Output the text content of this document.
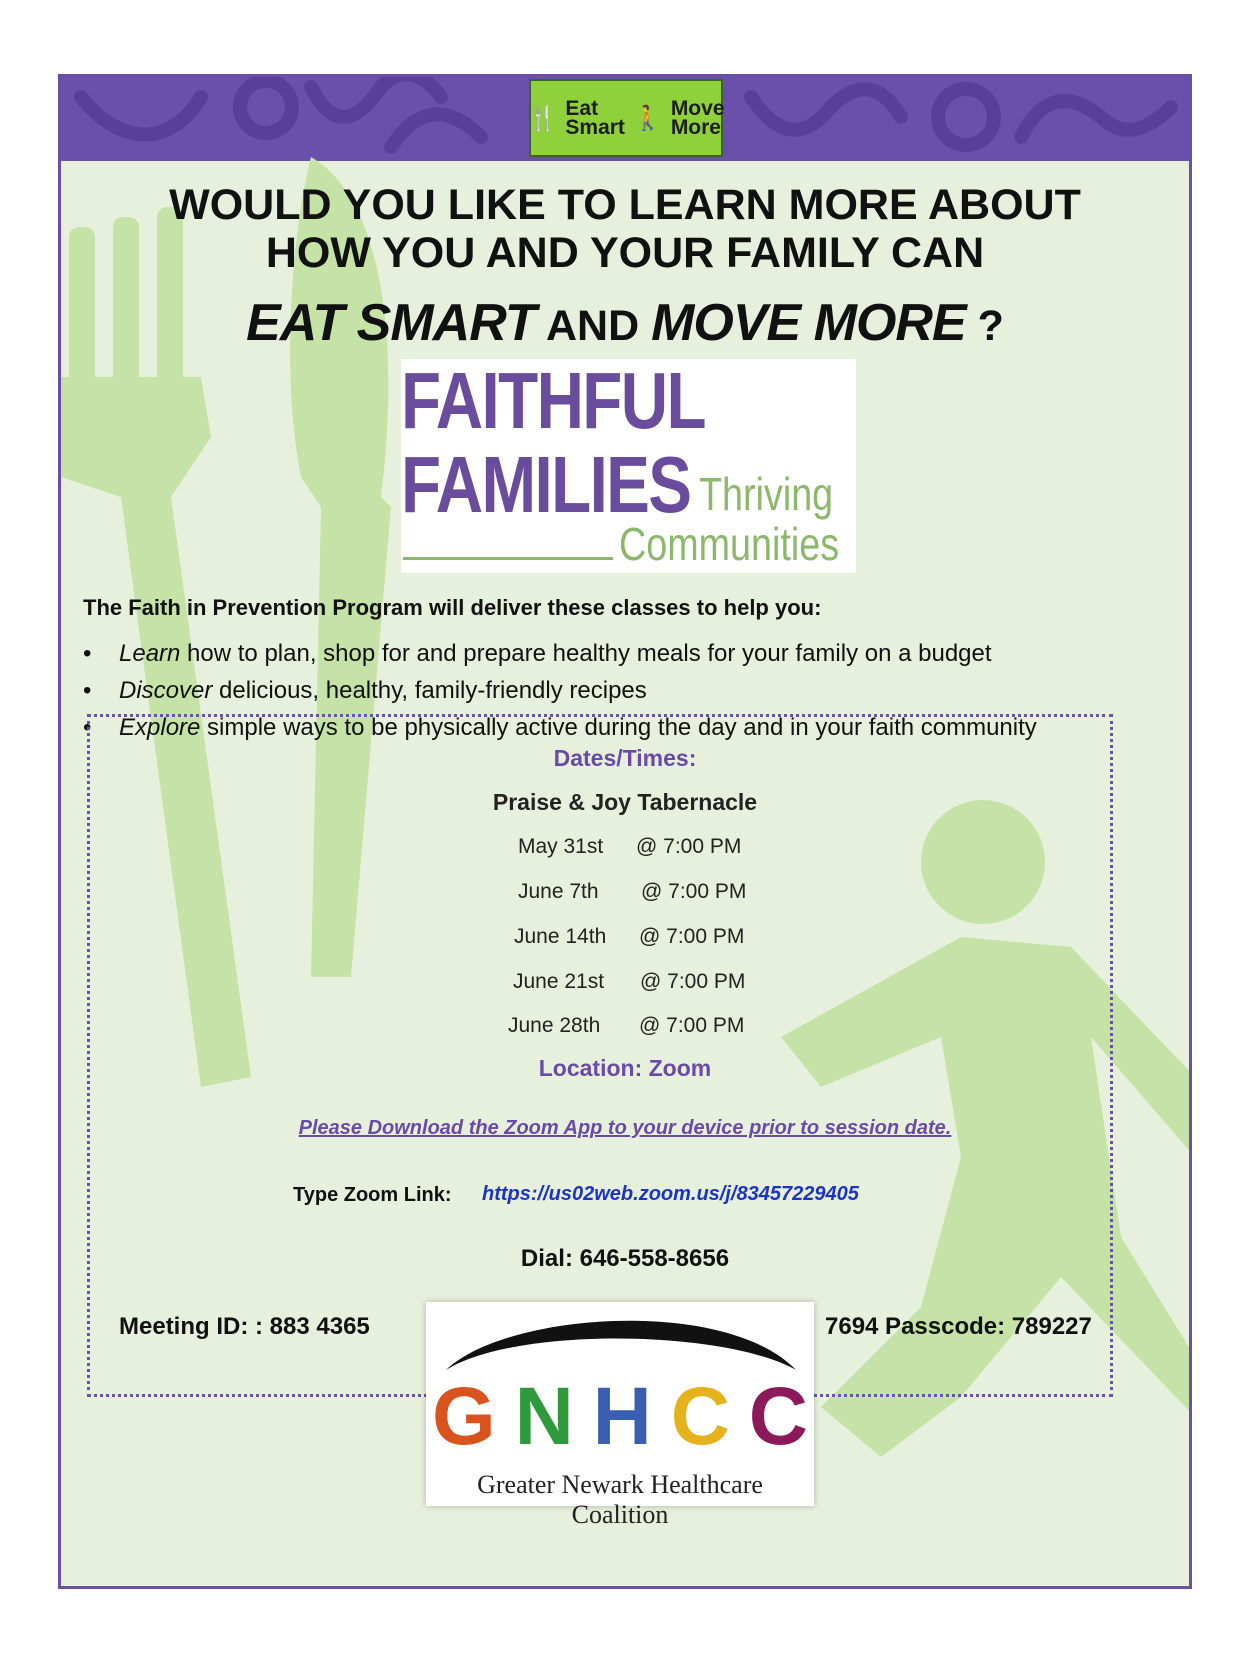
🍴 Eat
Smart 🚶 Move
More
WOULD YOU LIKE TO LEARN MORE ABOUT
HOW YOU AND YOUR FAMILY CAN
EAT SMART AND MOVE MORE ?
FAITHFUL
FAMILIES Thriving
Communities
The Faith in Prevention Program will deliver these classes to help you:
• Learn how to plan, shop for and prepare healthy meals for your family on a budget
• Discover delicious, healthy, family-friendly recipes
• Explore simple ways to be physically active during the day and in your faith community
Dates/Times:
Praise & Joy Tabernacle
May 31st @ 7:00 PM
June 7th @ 7:00 PM
June 14th @ 7:00 PM
June 21st @ 7:00 PM
June 28th @ 7:00 PM
Location: Zoom
Please Download the Zoom App to your device prior to session date.
Type Zoom Link: https://us02web.zoom.us/j/83457229405
Dial: 646-558-8656
Meeting ID: : 883 4365	7694 Passcode: 789227
G N H C C
Greater Newark Healthcare Coalition
